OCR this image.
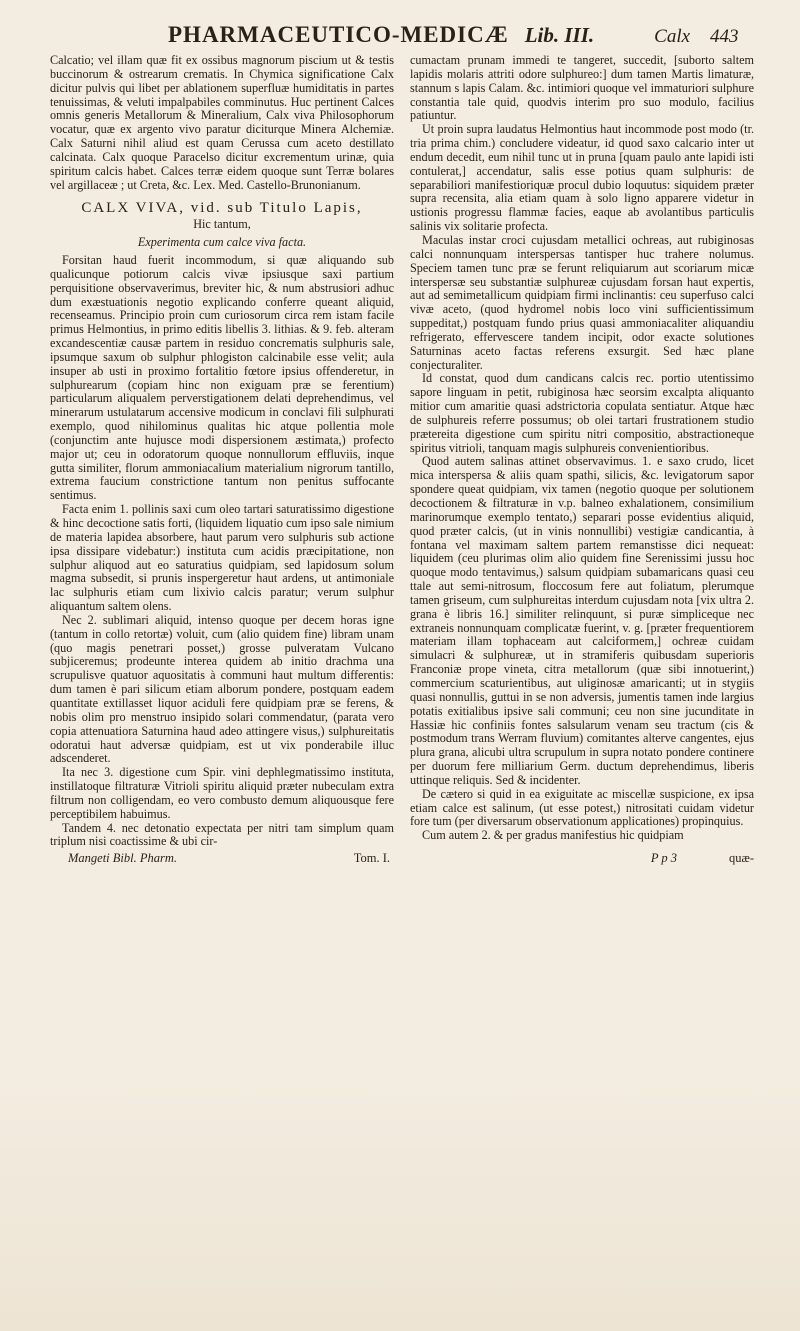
PHARMACEUTICO-MEDICÆ Lib. III.	Calx 443

Calcatio; vel illam quæ fit ex ossibus magnorum piscium ut & testis buccinorum & ostrearum crematis. In Chymica significatione Calx dicitur pulvis qui libet per ablationem superfluæ humiditatis in partes tenuissimas, & veluti impalpabiles comminutus. Huc pertinent Calces omnis generis Metallorum & Mineralium, Calx viva Philosophorum vocatur, quæ ex argento vivo paratur diciturque Minera Alchemiæ. Calx Saturni nihil aliud est quam Cerussa cum aceto destillato calcinata. Calx quoque Paracelso dicitur excrementum urinæ, quia spiritum calcis habet. Calces terræ eidem quoque sunt Terræ bolares vel argillaceæ ; ut Creta, &c. Lex. Med. Castello-Brunonianum.

CALX VIVA, vid. sub Titulo Lapis,

Hic tantum,

Experimenta cum calce viva facta.

Forsitan haud fuerit incommodum, si quæ aliquando sub qualicunque potiorum calcis vivæ ipsiusque saxi partium perquisitione observaverimus, breviter hic, & num abstrusiori adhuc dum exæstuationis negotio explicando conferre queant aliquid, recenseamus. Principio proin cum curiosorum circa rem istam facile primus Helmontius, in primo editis libellis 3. lithias. & 9. feb. alteram excandescentiæ causæ partem in residuo concrematis sulphuris sale, ipsumque saxum ob sulphur phlogiston calcinabile esse velit; aula insuper ab usti in proximo fortalitio fœtore ipsius offenderetur, in sulphurearum (copiam hinc non exiguam præ se ferentium) particularum aliqualem perverstigationem delati deprehendimus, vel minerarum ustulatarum accensive modicum in conclavi fili sulphurati exemplo, quod nihilominus qualitas hic atque pollentia mole (conjunctim ante hujusce modi dispersionem æstimata,) profecto major ut; ceu in odoratorum quoque nonnullorum effluviis, inque gutta similiter, florum ammoniacalium materialium nigrorum tantillo, extrema faucium constrictione tantum non penitus suffocante sentimus.

Facta enim 1. pollinis saxi cum oleo tartari saturatissimo digestione & hinc decoctione satis forti, (liquidem liquatio cum ipso sale nimium de materia lapidea absorbere, haut parum vero sulphuris sub actione ipsa dissipare videbatur:) instituta cum acidis præcipitatione, non sulphur aliquod aut eo saturatius quidpiam, sed lapidosum solum magma subsedit, si prunis inspergeretur haut ardens, ut antimoniale lac sulphuris etiam cum lixivio calcis paratur; verum sulphur aliquantum saltem olens.

Nec 2. sublimari aliquid, intenso quoque per decem horas igne (tantum in collo retortæ) voluit, cum (alio quidem fine) libram unam (quo magis penetrari posset,) grosse pulveratam Vulcano subjiceremus; prodeunte interea quidem ab initio drachma una scrupulisve quatuor aquositatis à communi haut multum differentis: dum tamen è pari silicum etiam alborum pondere, postquam eadem quantitate extillasset liquor aciduli fere quidpiam præ se ferens, & nobis olim pro menstruo insipido solari commendatur, (parata vero copia attenuatiora Saturnina haud adeo attingere visus,) sulphureitatis odoratui haut adversæ quidpiam, est ut vix ponderabile illuc adscenderet.

Ita nec 3. digestione cum Spir. vini dephlegmatissimo instituta, instillatoque filtraturæ Vitrioli spiritu aliquid præter nubeculam extra filtrum non colligendam, eo vero combusto demum aliquousque fere perceptibilem habuimus.

Tandem 4. nec detonatio expectata per nitri tam simplum quam triplum nisi coactissime & ubi cir-

cumactam prunam immedi te tangeret, succedit, [suborto saltem lapidis molaris attriti odore sulphureo:] dum tamen Martis limaturæ, stannum s lapis Calam. &c. intimiori quoque vel immaturiori sulphure constantia tale quid, quodvis interim pro suo modulo, facilius patiuntur.

Ut proin supra laudatus Helmontius haut incommode post modo (tr. tria prima chim.) concludere videatur, id quod saxo calcario inter ut endum decedit, eum nihil tunc ut in pruna [quam paulo ante lapidi isti contulerat,] accendatur, salis esse potius quam sulphuris: de separabiliori manifestioriquæ procul dubio loquutus: siquidem præter supra recensita, alia etiam quam à solo ligno apparere videtur in ustionis progressu flammæ facies, eaque ab avolantibus particulis salinis vix solitarie profecta.

Maculas instar croci cujusdam metallici ochreas, aut rubiginosas calci nonnunquam interspersas tantisper huc trahere nolumus. Speciem tamen tunc præ se ferunt reliquiarum aut scoriarum micæ interspersæ seu substantiæ sulphureæ cujusdam forsan haut expertis, aut ad semimetallicum quidpiam firmi inclinantis: ceu superfuso calci vivæ aceto, (quod hydromel nobis loco vini sufficientissimum suppeditat,) postquam fundo prius quasi ammoniacaliter aliquandiu refrigerato, effervescere tandem incipit, odor exacte solutiones Saturninas aceto factas referens exsurgit. Sed hæc plane conjecturaliter.

Id constat, quod dum candicans calcis rec. portio utentissimo sapore linguam in petit, rubiginosa hæc seorsim excalpta aliquanto mitior cum amaritie quasi adstrictoria copulata sentiatur. Atque hæc de sulphureis referre possumus; ob olei tartari frustrationem studio prætereita digestione cum spiritu nitri compositio, abstractioneque spiritus vitrioli, tanquam magis sulphureis convenientioribus.

Quod autem salinas attinet observavimus. 1. e saxo crudo, licet mica interspersa & aliis quam spathi, silicis, &c. levigatorum sapor spondere queat quidpiam, vix tamen (negotio quoque per solutionem decoctionem & filtraturæ in v.p. balneo exhalationem, consimilium marinorumque exemplo tentato,) separari posse evidentius aliquid, quod præter calcis, (ut in vinis nonnullibi) vestigiæ candicantia, à fontana vel maximam saltem partem remanstisse dici nequeat: liquidem (ceu plurimas olim alio quidem fine Serenissimi jussu hoc quoque modo tentavimus,) salsum quidpiam subamaricans quasi ceu ttale aut semi-nitrosum, floccosum fere aut foliatum, plerumque tamen griseum, cum sulphureitas interdum cujusdam nota [vix ultra 2. grana è libris 16.] similiter relinquunt, si puræ simpliceque nec extraneis nonnunquam complicatæ fuerint, v. g. [præter frequentiorem materiam illam tophaceam aut calciformem,] ochreæ cuidam simulacri & sulphureæ, ut in stramiferis quibusdam superioris Franconiæ prope vineta, citra metallorum (quæ sibi innotuerint,) commercium scaturientibus, aut uliginosæ amaricanti; ut in stygiis quasi nonnullis, guttui in se non adversis, jumentis tamen inde largius potatis exitialibus ipsive sali communi; ceu non sine jucunditate in Hassiæ hic confiniis fontes salsularum venam seu tractum (cis & postmodum trans Werram fluvium) comitantes alterve cangentes, ejus plura grana, alicubi ultra scrupulum in supra notato pondere continere per duorum fere milliarium Germ. ductum deprehendimus, liberis uttinque reliquis. Sed & incidenter.

De cætero si quid in ea exiguitate ac miscellæ suspicione, ex ipsa etiam calce est salinum, (ut esse potest,) nitrositati cuidam videtur fore tum (per diversarum observationum applicationes) propinquius.

Cum autem 2. & per gradus manifestius hic quidpiam

Mangeti Bibl. Pharm.	Tom. I.	P p 3	quæ-
